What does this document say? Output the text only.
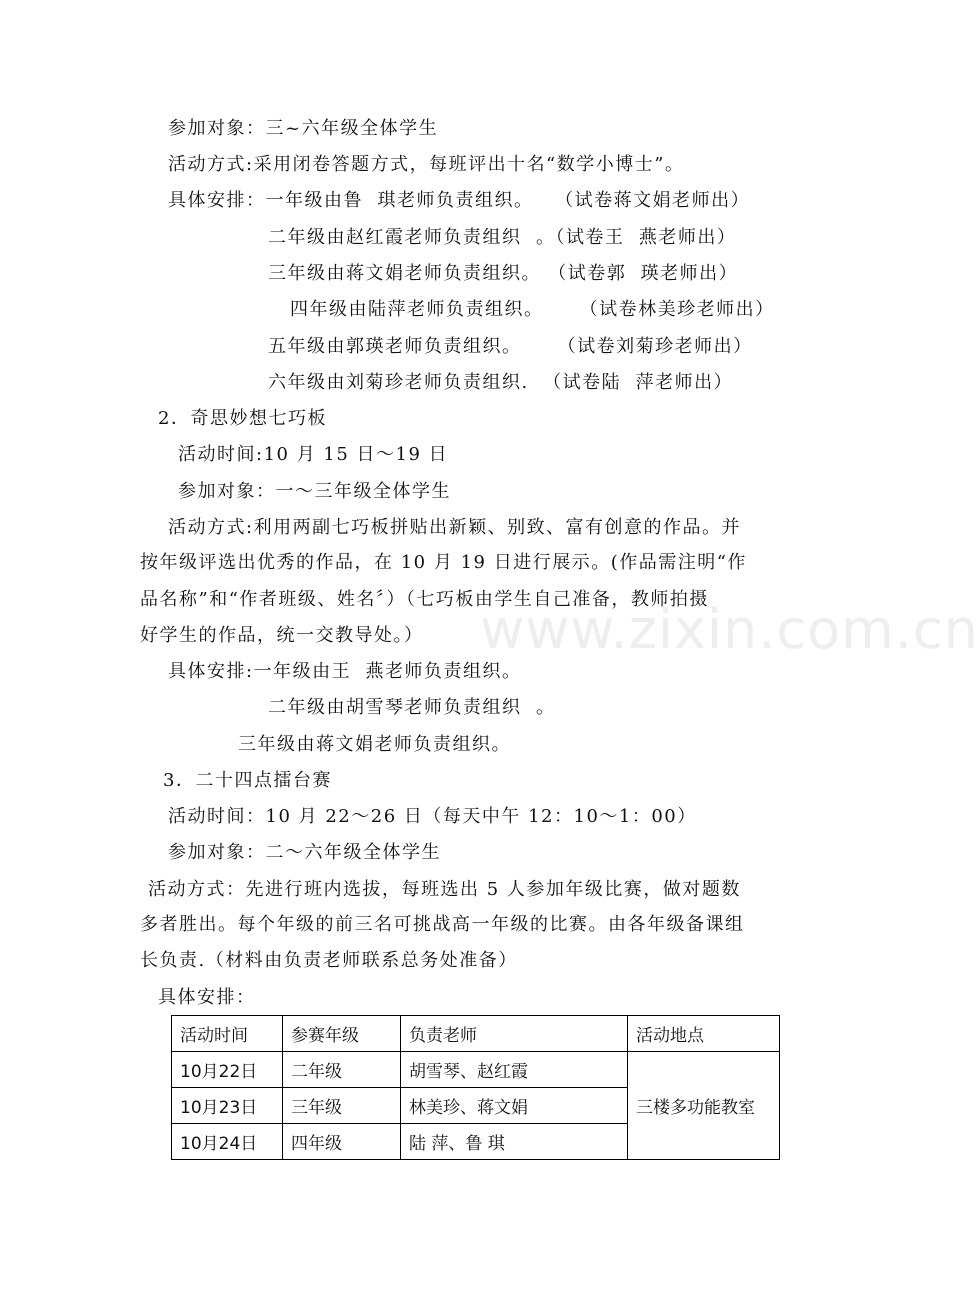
www.zixin.com.cn
参加对象：三~六年级全体学生
活动方式:采用闭卷答题方式，每班评出十名“数学小博士”。
具体安排：一年级由鲁  琪老师负责组织。   （试卷蒋文娟老师出）
二年级由赵红霞老师负责组织  。（试卷王  燕老师出）
三年级由蒋文娟老师负责组织。 （试卷郭  瑛老师出）
四年级由陆萍老师负责组织。     （试卷林美珍老师出）
五年级由郭瑛老师负责组织。     （试卷刘菊珍老师出）
六年级由刘菊珍老师负责组织.  （试卷陆  萍老师出）
2．奇思妙想七巧板
活动时间:10 月 15 日～19 日
参加对象：一～三年级全体学生
活动方式:利用两副七巧板拼贴出新颖、别致、富有创意的作品。并
按年级评选出优秀的作品，在 10 月 19 日进行展示。(作品需注明“作
品名称”和“作者班级、姓名〞）（七巧板由学生自己准备，教师拍摄
好学生的作品，统一交教导处。）
具体安排:一年级由王  燕老师负责组织。
二年级由胡雪琴老师负责组织  。
三年级由蒋文娟老师负责组织。
3．二十四点擂台赛
活动时间：10 月 22～26 日（每天中午 12：10～1：00）
参加对象：二～六年级全体学生
活动方式：先进行班内选拔，每班选出 5 人参加年级比赛，做对题数
多者胜出。每个年级的前三名可挑战高一年级的比赛。由各年级备课组
长负责.（材料由负责老师联系总务处准备）
具体安排：
活动时间	参赛年级	负责老师	活动地点
10月22日	二年级	胡雪琴、赵红霞	三楼多功能教室
10月23日	三年级	林美珍、蒋文娟	
10月24日	四年级	陆 萍、鲁 琪	
